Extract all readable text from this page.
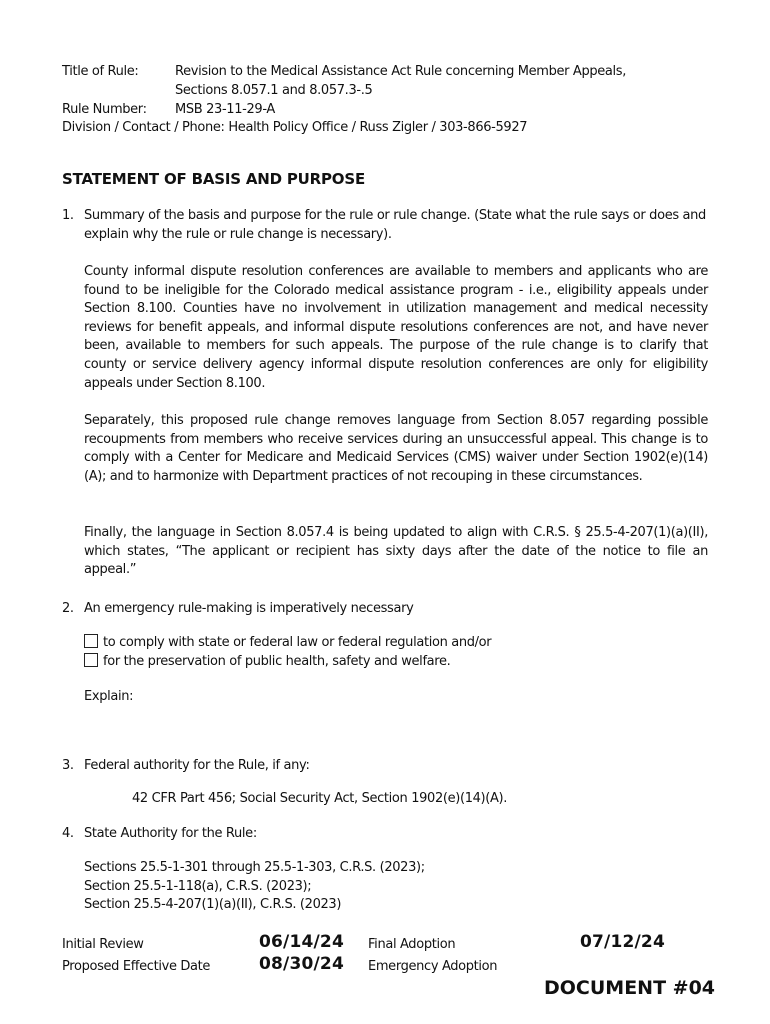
Title of Rule:	Revision to the Medical Assistance Act Rule concerning Member Appeals,
Sections 8.057.1 and 8.057.3-.5
Rule Number: MSB 23-11-29-A
Division / Contact / Phone: Health Policy Office / Russ Zigler / 303-866-5927
STATEMENT OF BASIS AND PURPOSE
1. Summary of the basis and purpose for the rule or rule change. (State what the rule says or does and explain why the rule or rule change is necessary).
County informal dispute resolution conferences are available to members and applicants who are found to be ineligible for the Colorado medical assistance program - i.e., eligibility appeals under Section 8.100. Counties have no involvement in utilization management and medical necessity reviews for benefit appeals, and informal dispute resolutions conferences are not, and have never been, available to members for such appeals. The purpose of the rule change is to clarify that county or service delivery agency informal dispute resolution conferences are only for eligibility appeals under Section 8.100.
Separately, this proposed rule change removes language from Section 8.057 regarding possible recoupments from members who receive services during an unsuccessful appeal. This change is to comply with a Center for Medicare and Medicaid Services (CMS) waiver under Section 1902(e)(14)(A); and to harmonize with Department practices of not recouping in these circumstances.
Finally, the language in Section 8.057.4 is being updated to align with C.R.S. § 25.5-4-207(1)(a)(II), which states, “The applicant or recipient has sixty days after the date of the notice to file an appeal.”
2. An emergency rule-making is imperatively necessary
to comply with state or federal law or federal regulation and/or
for the preservation of public health, safety and welfare.
Explain:
3. Federal authority for the Rule, if any:
42 CFR Part 456; Social Security Act, Section 1902(e)(14)(A).
4. State Authority for the Rule:
Sections 25.5-1-301 through 25.5-1-303, C.R.S. (2023);
Section 25.5-1-118(a), C.R.S. (2023);
Section 25.5-4-207(1)(a)(II), C.R.S. (2023)
Initial Review	06/14/24 Final Adoption	07/12/24
Proposed Effective Date	08/30/24 Emergency Adoption
DOCUMENT #04
